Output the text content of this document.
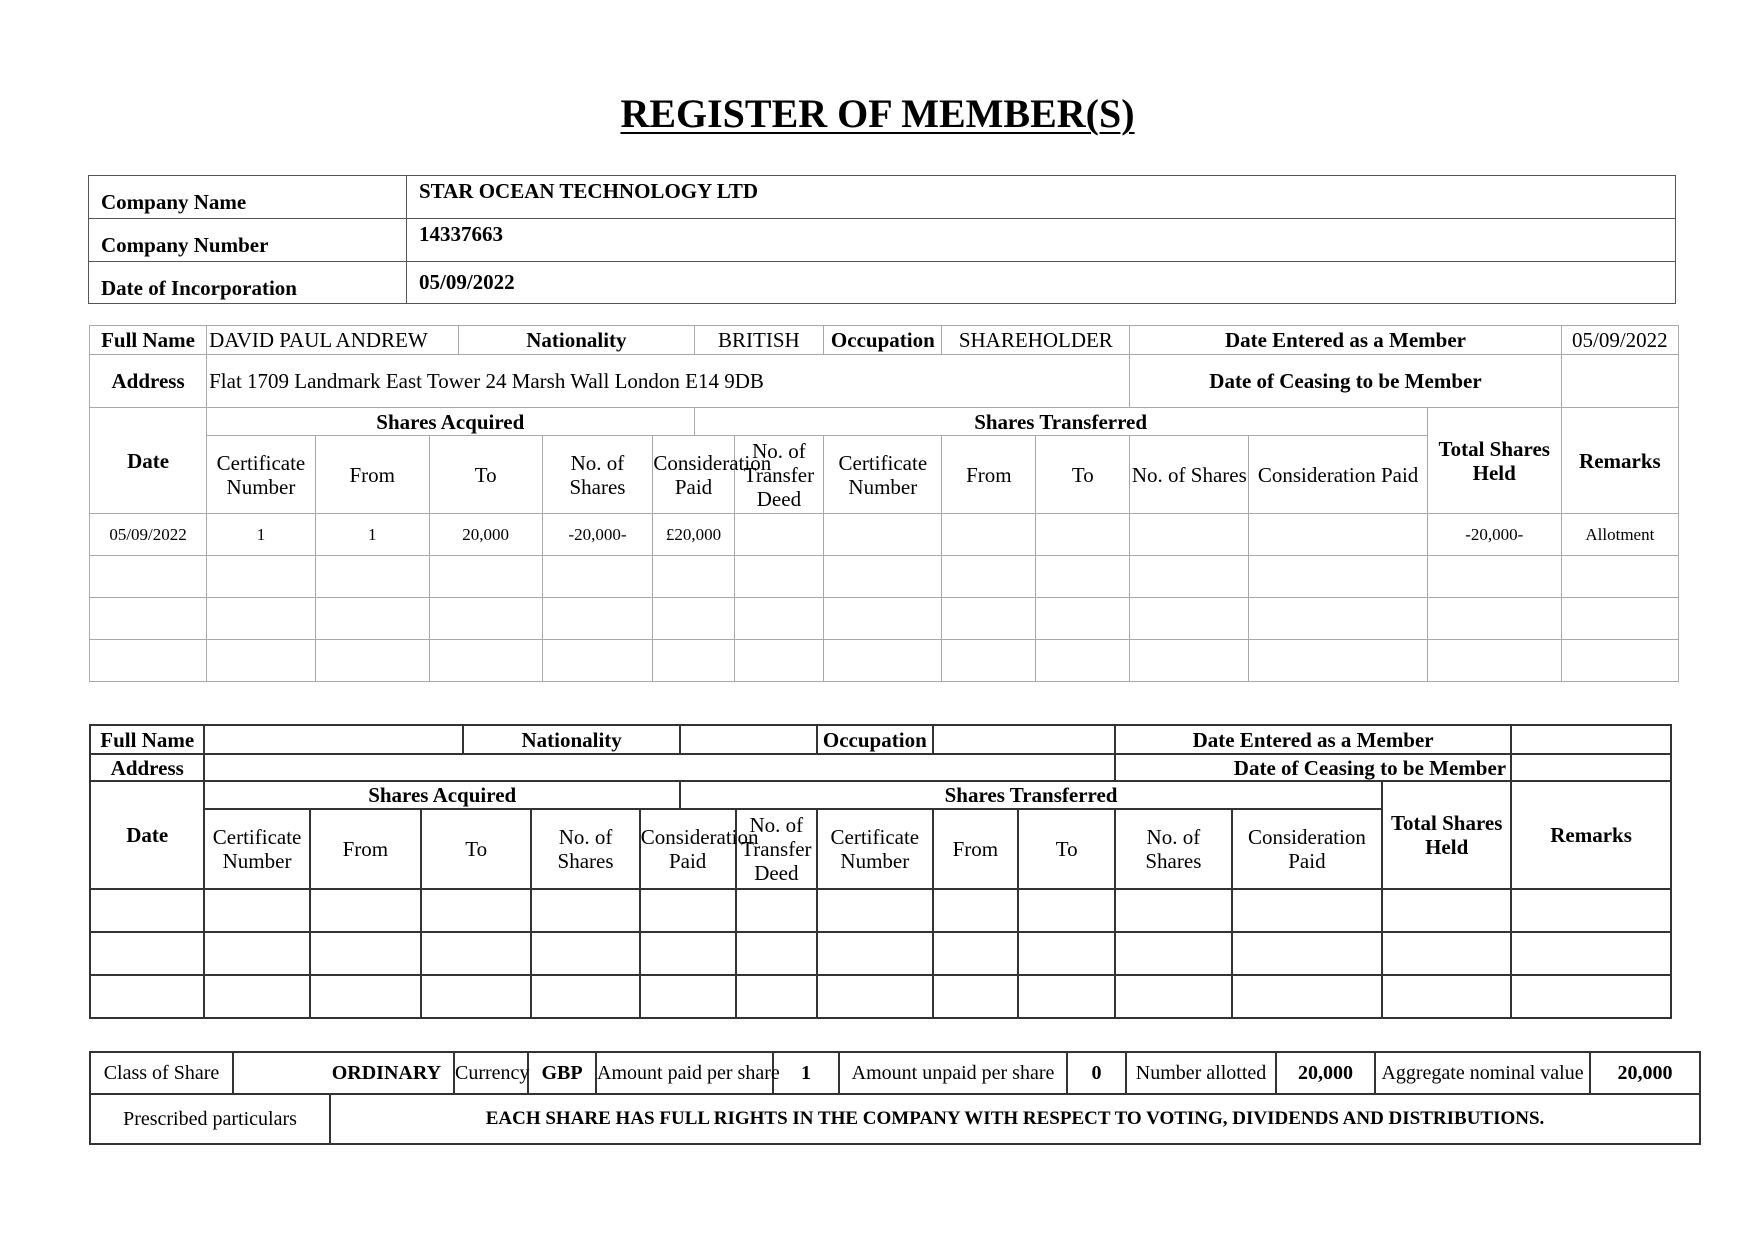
REGISTER OF MEMBER(S)
Company Name	STAR OCEAN TECHNOLOGY LTD
Company Number	14337663
Date of Incorporation	05/09/2022
Full Name	DAVID PAUL ANDREW			Nationality			BRITISH		Occupation	SHAREHOLDER		Date Entered as a Member			05/09/2022
Address	Flat 1709 Landmark East Tower 24 Marsh Wall London E14 9DB											Date of Ceasing to be Member			
Date	Shares Acquired						Shares Transferred							Total Shares Held	Remarks
	Certificate Number	From	To		No. of Shares	Consideration Paid		No. of Transfer Deed	Certificate Number	From	To	No. of Shares	Consideration Paid		
05/09/2022	1	1	20,000		-20,000-	£20,000								-20,000-	Allotment

Full Name				Nationality					Occupation			Date Entered as a Member			
Address												Date of Ceasing to be Member			
Date	Shares Acquired						Shares Transferred							Total Shares Held	Remarks
	Certificate Number	From	To		No. of Shares	Consideration Paid		No. of Transfer Deed	Certificate Number	From	To	No. of Shares	Consideration Paid		

Class of Share	ORDINARY		Currency	GBP	Amount paid per share	1	Amount unpaid per share	0	Number allotted	20,000	Aggregate nominal value	20,000
Prescribed particulars		EACH SHARE HAS FULL RIGHTS IN THE COMPANY WITH RESPECT TO VOTING, DIVIDENDS AND DISTRIBUTIONS.										
